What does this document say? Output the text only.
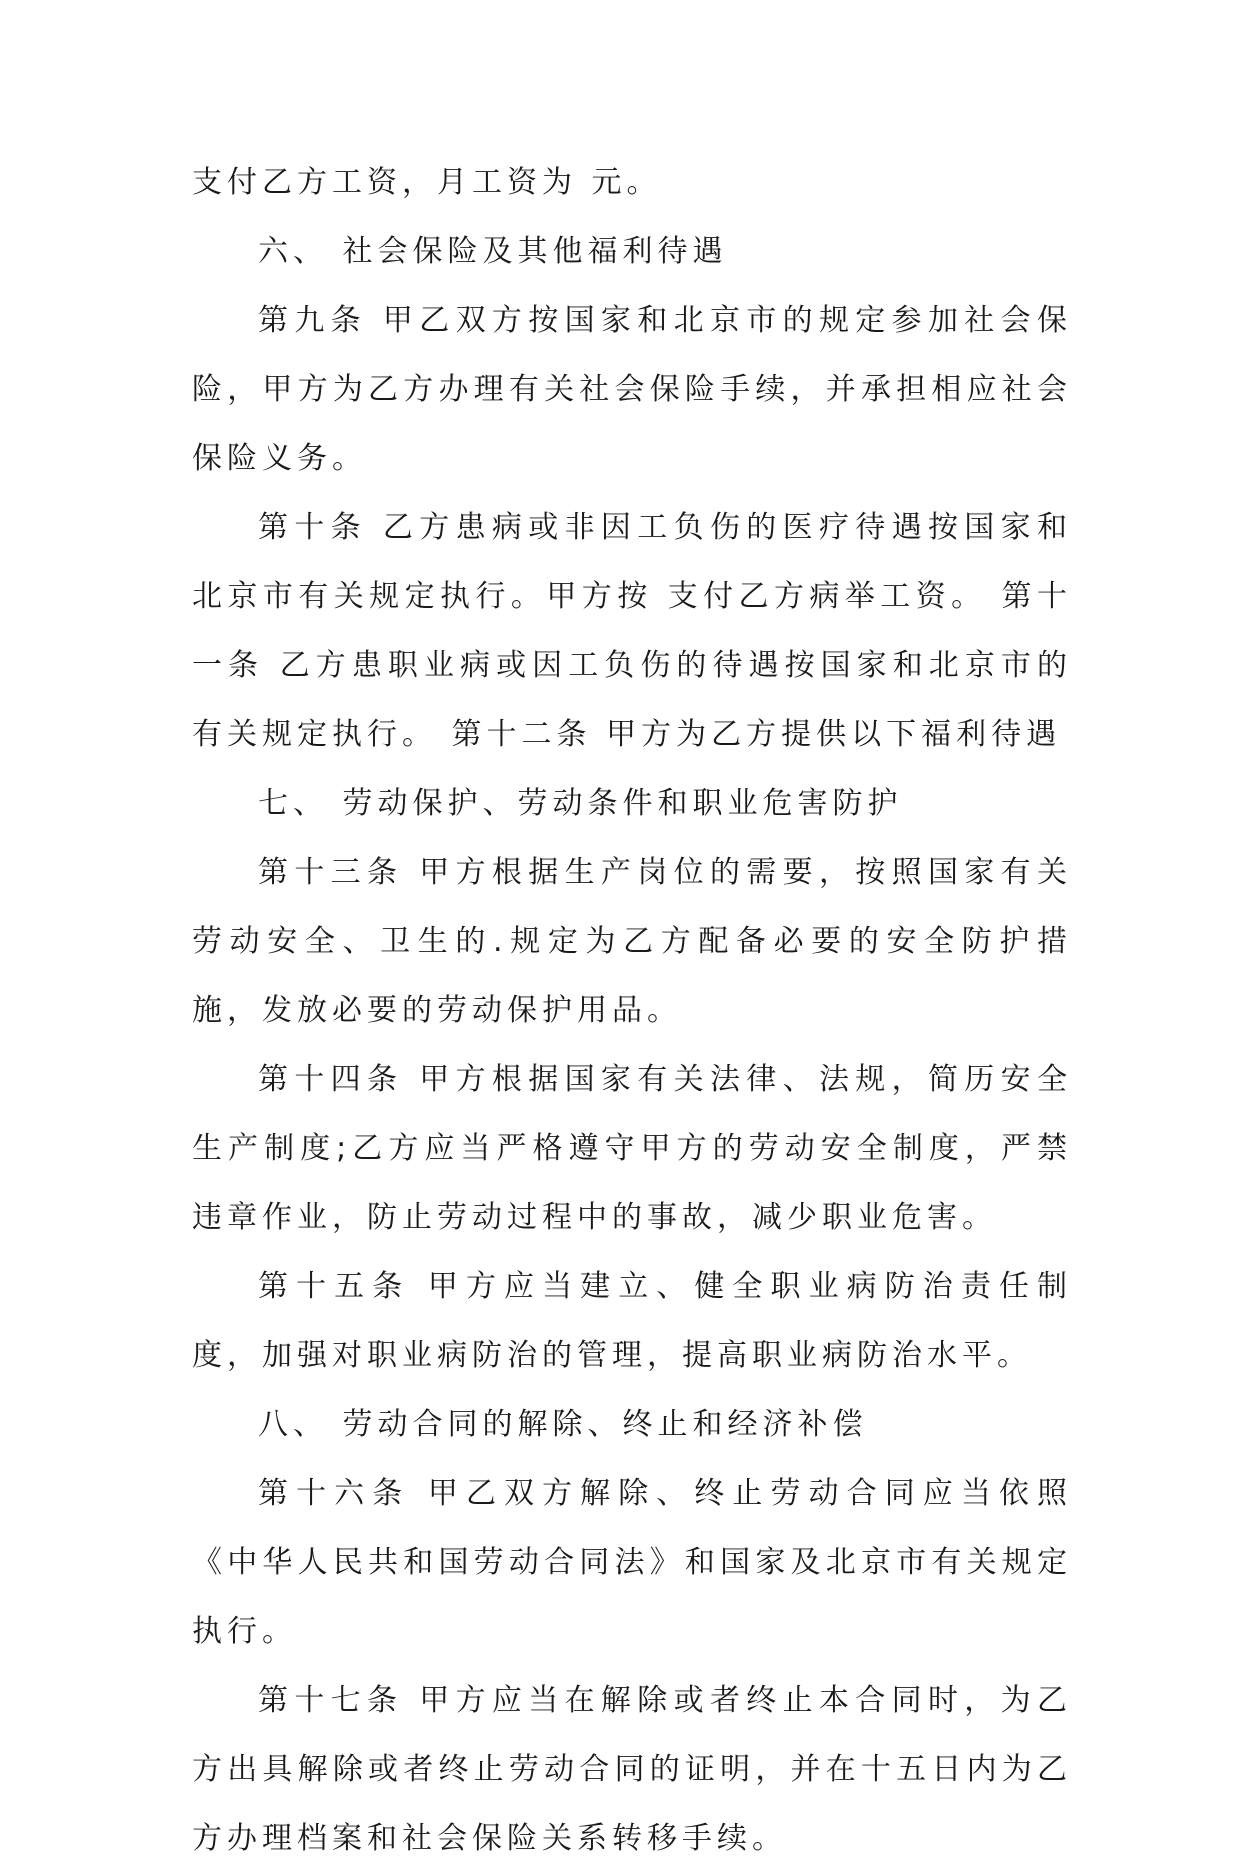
支付乙方工资，月工资为 元。

六、 社会保险及其他福利待遇

第九条 甲乙双方按国家和北京市的规定参加社会保险，甲方为乙方办理有关社会保险手续，并承担相应社会保险义务。

第十条 乙方患病或非因工负伤的医疗待遇按国家和北京市有关规定执行。甲方按 支付乙方病举工资。 第十一条 乙方患职业病或因工负伤的待遇按国家和北京市的有关规定执行。 第十二条 甲方为乙方提供以下福利待遇

七、 劳动保护、劳动条件和职业危害防护

第十三条 甲方根据生产岗位的需要，按照国家有关劳动安全、卫生的.规定为乙方配备必要的安全防护措施，发放必要的劳动保护用品。

第十四条 甲方根据国家有关法律、法规，简历安全生产制度;乙方应当严格遵守甲方的劳动安全制度，严禁违章作业，防止劳动过程中的事故，减少职业危害。

第十五条 甲方应当建立、健全职业病防治责任制度，加强对职业病防治的管理，提高职业病防治水平。

八、 劳动合同的解除、终止和经济补偿

第十六条 甲乙双方解除、终止劳动合同应当依照《中华人民共和国劳动合同法》和国家及北京市有关规定执行。

第十七条 甲方应当在解除或者终止本合同时，为乙方出具解除或者终止劳动合同的证明，并在十五日内为乙方办理档案和社会保险关系转移手续。
